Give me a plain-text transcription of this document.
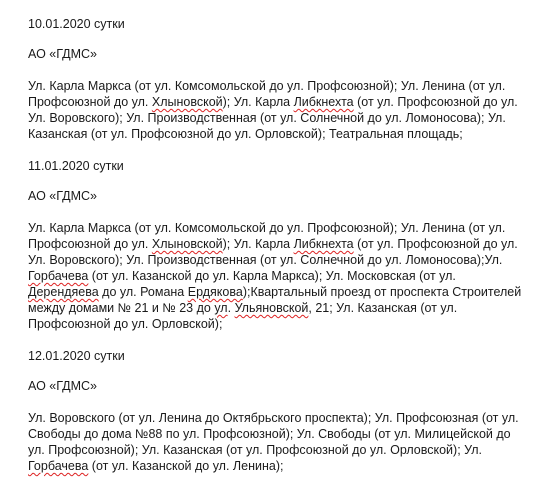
10.01.2020 сутки

АО «ГДМС»

Ул. Карла Маркса (от ул. Комсомольской до ул. Профсоюзной); Ул. Ленина (от ул.

Профсоюзной до ул. Хлыновской); Ул. Карла Либкнехта (от ул. Профсоюзной до ул.

Ул. Воровского); Ул. Производственная (от ул. Солнечной до ул. Ломоносова); Ул.

Казанская (от ул. Профсоюзной до ул. Орловской); Театральная площадь;

11.01.2020 сутки

АО «ГДМС»

Ул. Карла Маркса (от ул. Комсомольской до ул. Профсоюзной); Ул. Ленина (от ул.

Профсоюзной до ул. Хлыновской); Ул. Карла Либкнехта (от ул. Профсоюзной до ул.

Ул. Воровского); Ул. Производственная (от ул. Солнечной до ул. Ломоносова);Ул.

Горбачева (от ул. Казанской до ул. Карла Маркса); Ул. Московская (от ул.

Дерендяева до ул. Романа Ердякова);Квартальный проезд от проспекта Строителей

между домами № 21 и № 23 до ул. Ульяновской, 21; Ул. Казанская (от ул.

Профсоюзной до ул. Орловской);

12.01.2020 сутки

АО «ГДМС»

Ул. Воровского (от ул. Ленина до Октябрьского проспекта); Ул. Профсоюзная (от ул.

Свободы до дома №88 по ул. Профсоюзной); Ул. Свободы (от ул. Милицейской до

ул. Профсоюзной); Ул. Казанская (от ул. Профсоюзной до ул. Орловской); Ул.

Горбачева (от ул. Казанской до ул. Ленина);
